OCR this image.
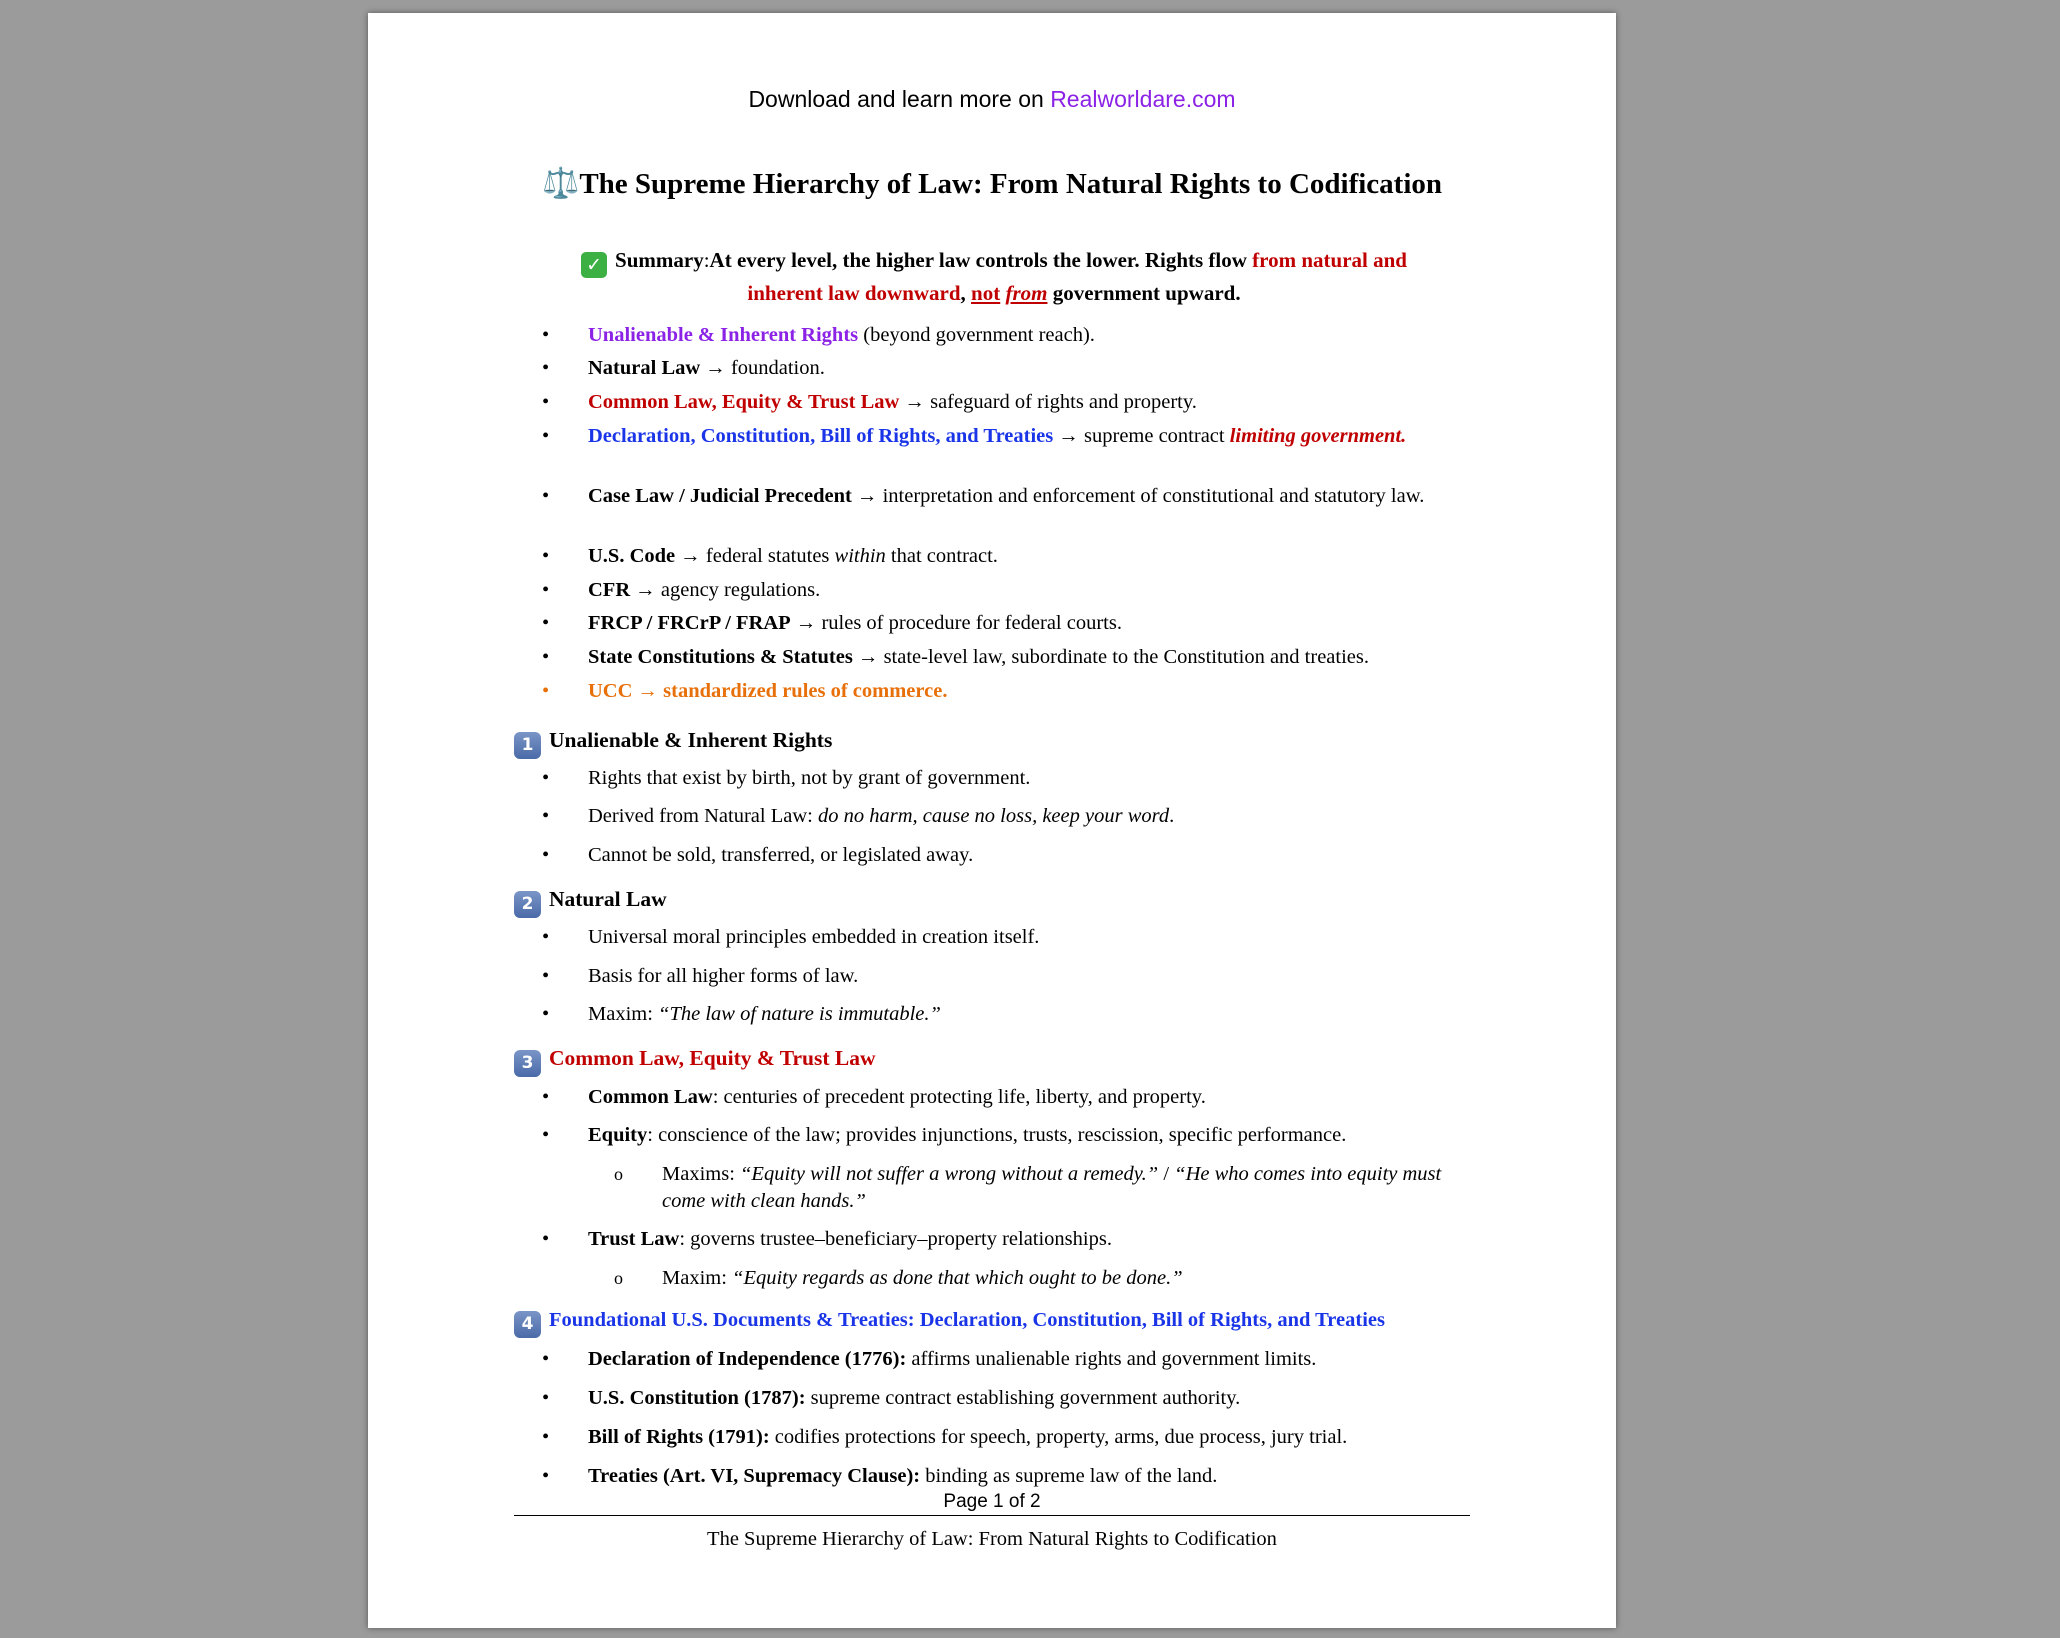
Download and learn more on Realworldare.com
⚖️The Supreme Hierarchy of Law: From Natural Rights to Codification
✓ Summary:At every level, the higher law controls the lower. Rights flow from natural and inherent law downward, not from government upward.
• Unalienable & Inherent Rights (beyond government reach).
• Natural Law → foundation.
• Common Law, Equity & Trust Law → safeguard of rights and property.
• Declaration, Constitution, Bill of Rights, and Treaties → supreme contract limiting government.
• Case Law / Judicial Precedent → interpretation and enforcement of constitutional and statutory law.
• U.S. Code → federal statutes within that contract.
• CFR → agency regulations.
• FRCP / FRCrP / FRAP → rules of procedure for federal courts.
• State Constitutions & Statutes → state-level law, subordinate to the Constitution and treaties.
• UCC → standardized rules of commerce.
1 Unalienable & Inherent Rights
• Rights that exist by birth, not by grant of government.
• Derived from Natural Law: do no harm, cause no loss, keep your word.
• Cannot be sold, transferred, or legislated away.
2 Natural Law
• Universal moral principles embedded in creation itself.
• Basis for all higher forms of law.
• Maxim: “The law of nature is immutable.”
3 Common Law, Equity & Trust Law
• Common Law: centuries of precedent protecting life, liberty, and property.
• Equity: conscience of the law; provides injunctions, trusts, rescission, specific performance.
o Maxims: “Equity will not suffer a wrong without a remedy.” / “He who comes into equity must come with clean hands.”
• Trust Law: governs trustee–beneficiary–property relationships.
o Maxim: “Equity regards as done that which ought to be done.”
4 Foundational U.S. Documents & Treaties: Declaration, Constitution, Bill of Rights, and Treaties
• Declaration of Independence (1776): affirms unalienable rights and government limits.
• U.S. Constitution (1787): supreme contract establishing government authority.
• Bill of Rights (1791): codifies protections for speech, property, arms, due process, jury trial.
• Treaties (Art. VI, Supremacy Clause): binding as supreme law of the land.
Page 1 of 2
The Supreme Hierarchy of Law: From Natural Rights to Codification
